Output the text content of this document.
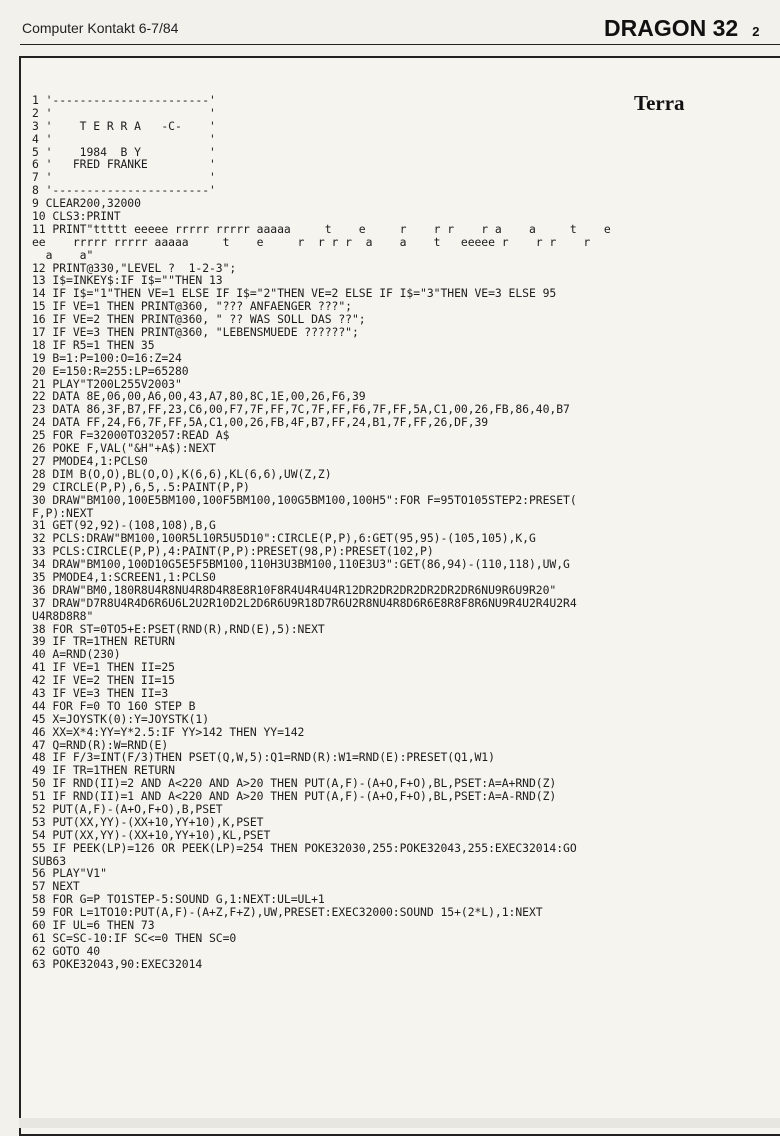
Computer Kontakt 6-7/84	DRAGON 32 2
Terra
1 '-----------------------'
2 '                       '
3 '    T E R R A   -C-    '
4 '                       '
5 '    1984  B Y          '
6 '   FRED FRANKE         '
7 '                       '
8 '-----------------------'
9 CLEAR200,32000
10 CLS3:PRINT
11 PRINT"ttttt eeeee rrrrr rrrrr aaaaa     t    e     r    r r    r a    a     t    e
ee    rrrrr rrrrr aaaaa     t    e     r  r r r  a    a    t   eeeee r    r r    r
a    a"
12 PRINT@330,"LEVEL ?  1-2-3";
13 I$=INKEY$:IF I$=""THEN 13
14 IF I$="1"THEN VE=1 ELSE IF I$="2"THEN VE=2 ELSE IF I$="3"THEN VE=3 ELSE 95
15 IF VE=1 THEN PRINT@360, "??? ANFAENGER ???";
16 IF VE=2 THEN PRINT@360, " ?? WAS SOLL DAS ??";
17 IF VE=3 THEN PRINT@360, "LEBENSMUEDE ??????";
18 IF R5=1 THEN 35
19 B=1:P=100:O=16:Z=24
20 E=150:R=255:LP=65280
21 PLAY"T200L255V2003"
22 DATA 8E,06,00,A6,00,43,A7,80,8C,1E,00,26,F6,39
23 DATA 86,3F,B7,FF,23,C6,00,F7,7F,FF,7C,7F,FF,F6,7F,FF,5A,C1,00,26,FB,86,40,B7
24 DATA FF,24,F6,7F,FF,5A,C1,00,26,FB,4F,B7,FF,24,B1,7F,FF,26,DF,39
25 FOR F=32000TO32057:READ A$
26 POKE F,VAL("&H"+A$):NEXT
27 PMODE4,1:PCLS0
28 DIM B(O,O),BL(O,O),K(6,6),KL(6,6),UW(Z,Z)
29 CIRCLE(P,P),6,5,.5:PAINT(P,P)
30 DRAW"BM100,100E5BM100,100F5BM100,100G5BM100,100H5":FOR F=95TO105STEP2:PRESET(
F,P):NEXT
31 GET(92,92)-(108,108),B,G
32 PCLS:DRAW"BM100,100R5L10R5U5D10":CIRCLE(P,P),6:GET(95,95)-(105,105),K,G
33 PCLS:CIRCLE(P,P),4:PAINT(P,P):PRESET(98,P):PRESET(102,P)
34 DRAW"BM100,100D10G5E5F5BM100,110H3U3BM100,110E3U3":GET(86,94)-(110,118),UW,G
35 PMODE4,1:SCREEN1,1:PCLS0
36 DRAW"BM0,180R8U4R8NU4R8D4R8E8R10F8R4U4R4U4R12DR2DR2DR2DR2DR2DR6NU9R6U9R20"
37 DRAW"D7R8U4R4D6R6U6L2U2R10D2L2D6R6U9R18D7R6U2R8NU4R8D6R6E8R8F8R6NU9R4U2R4U2R4
U4R8D8R8"
38 FOR ST=0TO5+E:PSET(RND(R),RND(E),5):NEXT
39 IF TR=1THEN RETURN
40 A=RND(230)
41 IF VE=1 THEN II=25
42 IF VE=2 THEN II=15
43 IF VE=3 THEN II=3
44 FOR F=0 TO 160 STEP B
45 X=JOYSTK(0):Y=JOYSTK(1)
46 XX=X*4:YY=Y*2.5:IF YY>142 THEN YY=142
47 Q=RND(R):W=RND(E)
48 IF F/3=INT(F/3)THEN PSET(Q,W,5):Q1=RND(R):W1=RND(E):PRESET(Q1,W1)
49 IF TR=1THEN RETURN
50 IF RND(II)=2 AND A<220 AND A>20 THEN PUT(A,F)-(A+O,F+O),BL,PSET:A=A+RND(Z)
51 IF RND(II)=1 AND A<220 AND A>20 THEN PUT(A,F)-(A+O,F+O),BL,PSET:A=A-RND(Z)
52 PUT(A,F)-(A+O,F+O),B,PSET
53 PUT(XX,YY)-(XX+10,YY+10),K,PSET
54 PUT(XX,YY)-(XX+10,YY+10),KL,PSET
55 IF PEEK(LP)=126 OR PEEK(LP)=254 THEN POKE32030,255:POKE32043,255:EXEC32014:GO
SUB63
56 PLAY"V1"
57 NEXT
58 FOR G=P TO1STEP-5:SOUND G,1:NEXT:UL=UL+1
59 FOR L=1TO10:PUT(A,F)-(A+Z,F+Z),UW,PRESET:EXEC32000:SOUND 15+(2*L),1:NEXT
60 IF UL=6 THEN 73
61 SC=SC-10:IF SC<=0 THEN SC=0
62 GOTO 40
63 POKE32043,90:EXEC32014
